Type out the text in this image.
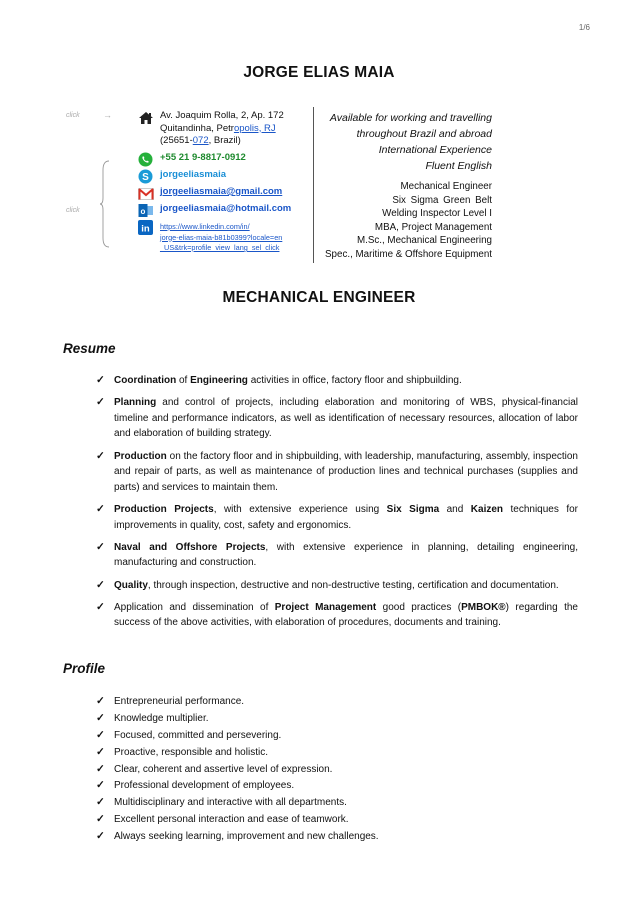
1/6
JORGE ELIAS MAIA
click	→
click
Av. Joaquim Rolla, 2, Ap. 172
Quitandinha, Petropolis, RJ
(25651-072, Brazil)
+55 21 9-8817-0912
S jorgeeliasmaia
jorgeeliasmaia@gmail.com
o jorgeeliasmaia@hotmail.com
in https://www.linkedin.com/in/
jorge-elias-maia-b81b0399?locale=en
_US&trk=profile_view_lang_sel_click
Available for working and travelling
throughout Brazil and abroad
International Experience
Fluent English
Mechanical Engineer
Six Sigma Green Belt
Welding Inspector Level I
MBA, Project Management
M.Sc., Mechanical Engineering
Spec., Maritime & Offshore Equipment
MECHANICAL ENGINEER
Resume
✓ Coordination of Engineering activities in office, factory floor and shipbuilding.
✓ Planning and control of projects, including elaboration and monitoring of WBS, physical-financial timeline and performance indicators, as well as identification of necessary resources, allocation of labor and elaboration of building strategy.
✓ Production on the factory floor and in shipbuilding, with leadership, manufacturing, assembly, inspection and repair of parts, as well as maintenance of production lines and technical purchases (supplies and parts) and services to maintain them.
✓ Production Projects, with extensive experience using Six Sigma and Kaizen techniques for improvements in quality, cost, safety and ergonomics.
✓ Naval and Offshore Projects, with extensive experience in planning, detailing engineering, manufacturing and construction.
✓ Quality, through inspection, destructive and non-destructive testing, certification and documentation.
✓ Application and dissemination of Project Management good practices (PMBOK®) regarding the success of the above activities, with elaboration of procedures, documents and training.
Profile
✓ Entrepreneurial performance.
✓ Knowledge multiplier.
✓ Focused, committed and persevering.
✓ Proactive, responsible and holistic.
✓ Clear, coherent and assertive level of expression.
✓ Professional development of employees.
✓ Multidisciplinary and interactive with all departments.
✓ Excellent personal interaction and ease of teamwork.
✓ Always seeking learning, improvement and new challenges.
